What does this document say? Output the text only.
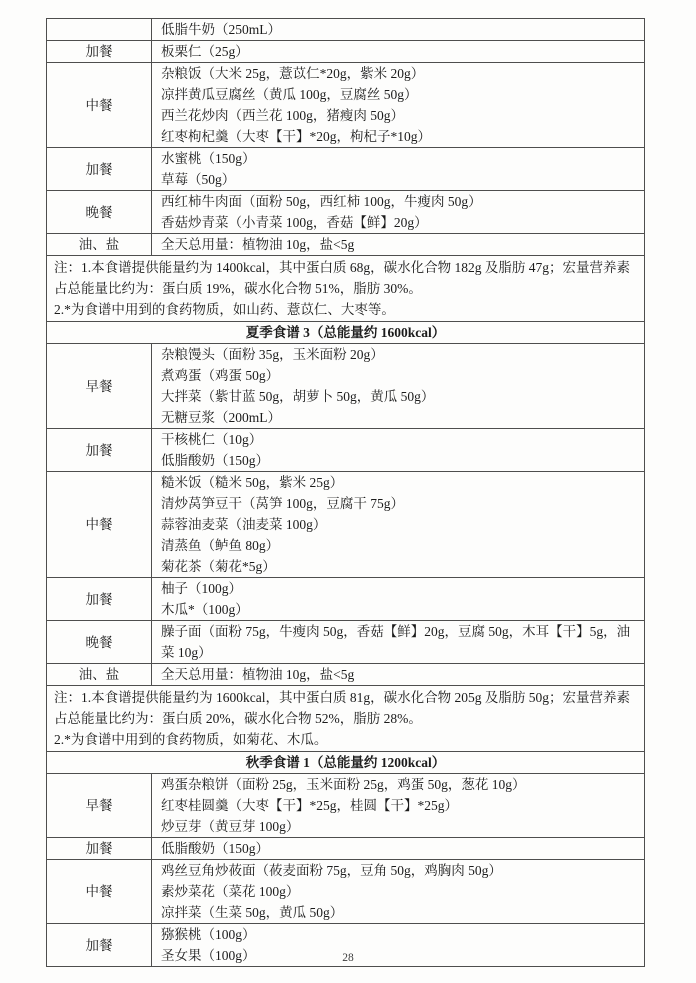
	低脂牛奶（250mL）

加餐	板栗仁（25g）

中餐	杂粮饭（大米 25g，薏苡仁*20g，紫米 20g）
凉拌黄瓜豆腐丝（黄瓜 100g，豆腐丝 50g）
西兰花炒肉（西兰花 100g，猪瘦肉 50g）
红枣枸杞羹（大枣【干】*20g，枸杞子*10g）

加餐	水蜜桃（150g）
草莓（50g）

晚餐	西红柿牛肉面（面粉 50g，西红柿 100g，牛瘦肉 50g）
香菇炒青菜（小青菜 100g，香菇【鲜】20g）

油、盐	全天总用量：植物油 10g，盐<5g

注：1.本食谱提供能量约为 1400kcal，其中蛋白质 68g，碳水化合物 182g 及脂肪 47g；宏量营养素占总能量比约为：蛋白质 19%，碳水化合物 51%，脂肪 30%。
2.*为食谱中用到的食药物质，如山药、薏苡仁、大枣等。	

夏季食谱 3（总能量约 1600kcal）	
早餐	杂粮馒头（面粉 35g，玉米面粉 20g）
煮鸡蛋（鸡蛋 50g）
大拌菜（紫甘蓝 50g，胡萝卜 50g，黄瓜 50g）
无糖豆浆（200mL）

加餐	干核桃仁（10g）
低脂酸奶（150g）

中餐	糙米饭（糙米 50g，紫米 25g）
清炒莴笋豆干（莴笋 100g，豆腐干 75g）
蒜蓉油麦菜（油麦菜 100g）
清蒸鱼（鲈鱼 80g）
菊花茶（菊花*5g）

加餐	柚子（100g）
木瓜*（100g）

晚餐	臊子面（面粉 75g，牛瘦肉 50g，香菇【鲜】20g，豆腐 50g，木耳【干】5g，油菜 10g）

油、盐	全天总用量：植物油 10g，盐<5g

注：1.本食谱提供能量约为 1600kcal，其中蛋白质 81g，碳水化合物 205g 及脂肪 50g；宏量营养素占总能量比约为：蛋白质 20%，碳水化合物 52%，脂肪 28%。
2.*为食谱中用到的食药物质，如菊花、木瓜。	

秋季食谱 1（总能量约 1200kcal）	
早餐	鸡蛋杂粮饼（面粉 25g，玉米面粉 25g，鸡蛋 50g，葱花 10g）
红枣桂圆羹（大枣【干】*25g，桂圆【干】*25g）
炒豆芽（黄豆芽 100g）

加餐	低脂酸奶（150g）

中餐	鸡丝豆角炒莜面（莜麦面粉 75g，豆角 50g，鸡胸肉 50g）
素炒菜花（菜花 100g）
凉拌菜（生菜 50g，黄瓜 50g）

加餐	猕猴桃（100g）
圣女果（100g）	28
